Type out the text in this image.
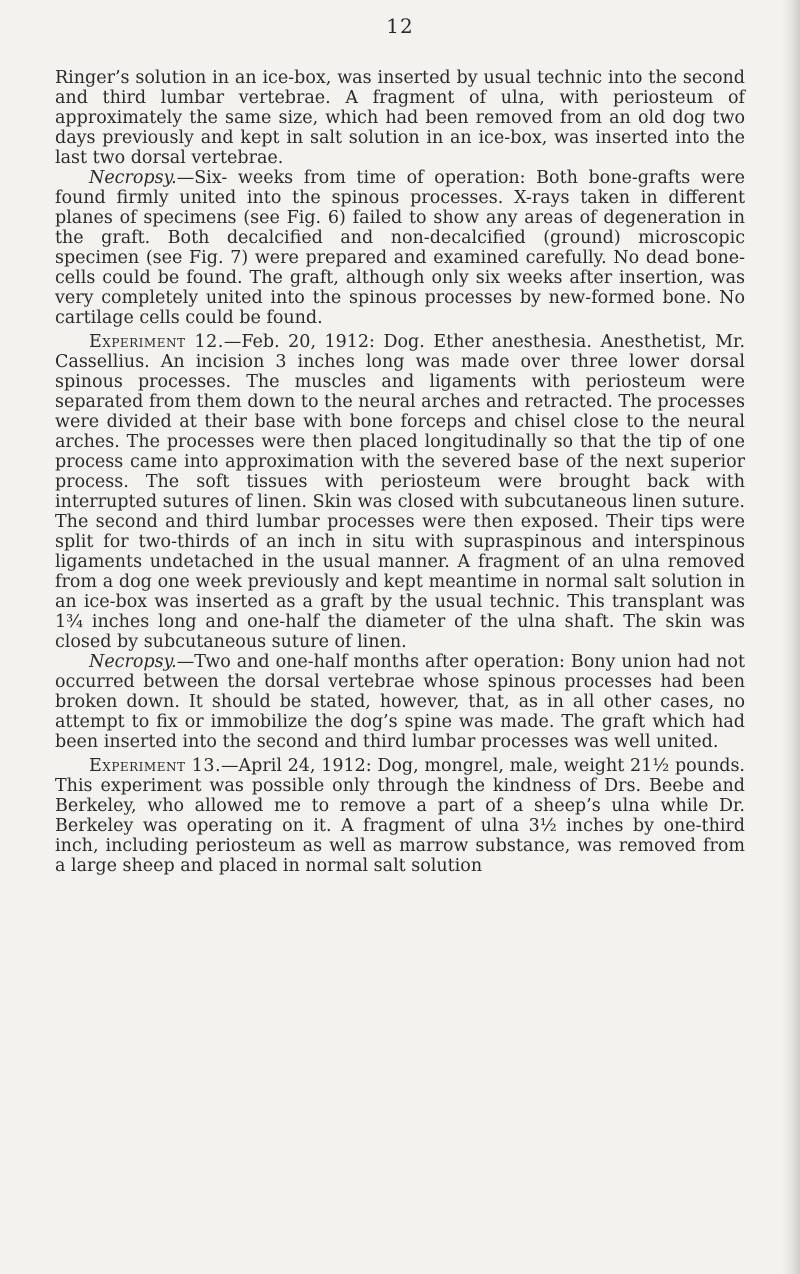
12

Ringer’s solution in an ice-box, was inserted by usual technic into the second and third lumbar vertebrae. A fragment of ulna, with periosteum of approximately the same size, which had been removed from an old dog two days previously and kept in salt solution in an ice-box, was inserted into the last two dorsal vertebrae.

Necropsy.—Six- weeks from time of operation: Both bone-grafts were found firmly united into the spinous processes. X-rays taken in different planes of specimens (see Fig. 6) failed to show any areas of degeneration in the graft. Both decalcified and non-decalcified (ground) microscopic specimen (see Fig. 7) were prepared and examined carefully. No dead bone-cells could be found. The graft, although only six weeks after insertion, was very completely united into the spinous processes by new-formed bone. No cartilage cells could be found.

Experiment 12.—Feb. 20, 1912: Dog. Ether anesthesia. Anesthetist, Mr. Cassellius. An incision 3 inches long was made over three lower dorsal spinous processes. The muscles and ligaments with periosteum were separated from them down to the neural arches and retracted. The processes were divided at their base with bone forceps and chisel close to the neural arches. The processes were then placed longitudinally so that the tip of one process came into approximation with the severed base of the next superior process. The soft tissues with periosteum were brought back with interrupted sutures of linen. Skin was closed with subcutaneous linen suture. The second and third lumbar processes were then exposed. Their tips were split for two-thirds of an inch in situ with supraspinous and interspinous ligaments undetached in the usual manner. A fragment of an ulna removed from a dog one week previously and kept meantime in normal salt solution in an ice-box was inserted as a graft by the usual technic. This transplant was 1¾ inches long and one-half the diameter of the ulna shaft. The skin was closed by subcutaneous suture of linen.

Necropsy.—Two and one-half months after operation: Bony union had not occurred between the dorsal vertebrae whose spinous processes had been broken down. It should be stated, however, that, as in all other cases, no attempt to fix or immobilize the dog’s spine was made. The graft which had been inserted into the second and third lumbar processes was well united.

Experiment 13.—April 24, 1912: Dog, mongrel, male, weight 21½ pounds. This experiment was possible only through the kindness of Drs. Beebe and Berkeley, who allowed me to remove a part of a sheep’s ulna while Dr. Berkeley was operating on it. A fragment of ulna 3½ inches by one-third inch, including periosteum as well as marrow substance, was removed from a large sheep and placed in normal salt solution
